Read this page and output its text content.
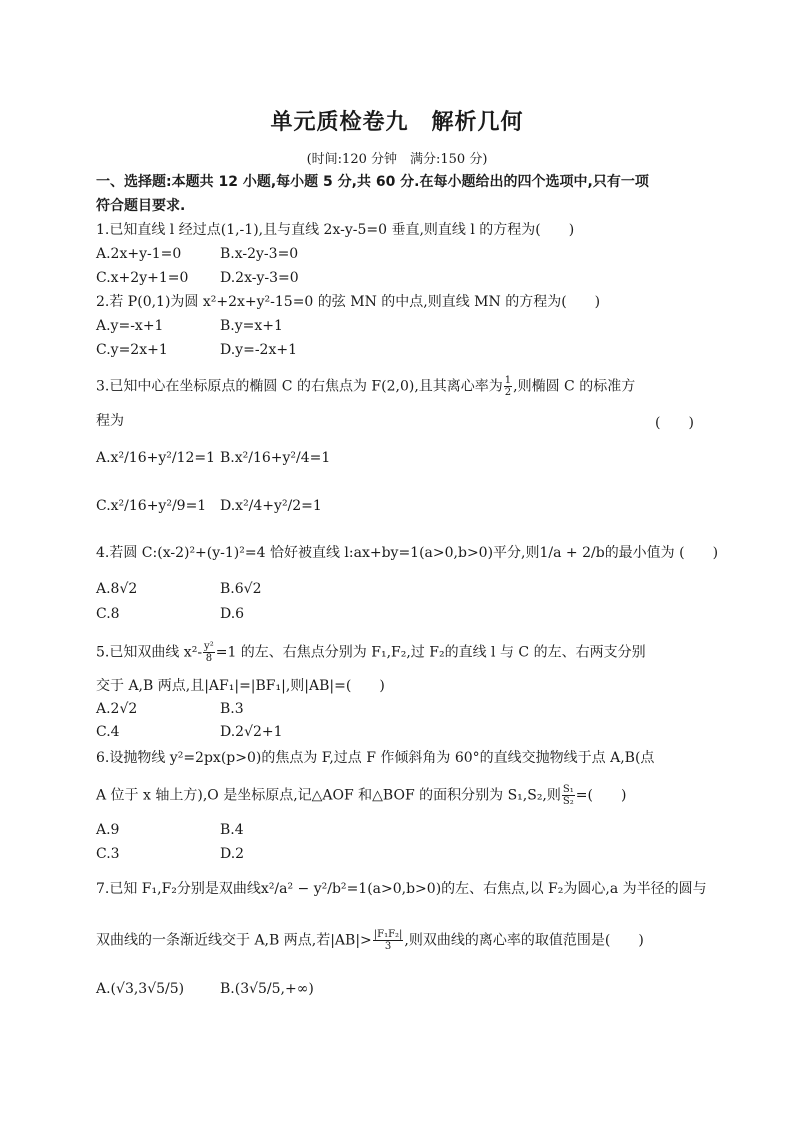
单元质检卷九　解析几何
(时间:120 分钟　满分:150 分)
一、选择题:本题共 12 小题,每小题 5 分,共 60 分.在每小题给出的四个选项中,只有一项
符合题目要求.
1.已知直线 l 经过点(1,-1),且与直线 2x-y-5=0 垂直,则直线 l 的方程为(　　)
A.2x+y-1=0	B.x-2y-3=0
C.x+2y+1=0 D.2x-y-3=0
2.若 P(0,1)为圆 x²+2x+y²-15=0 的弦 MN 的中点,则直线 MN 的方程为(　　)
A.y=-x+1	B.y=x+1
C.y=2x+1	D.y=-2x+1
3.已知中心在坐标原点的椭圆 C 的右焦点为 F(2,0),且其离心率为 $\frac{1}{2}$ ,则椭圆 C 的标准方
程为	(　　)
A.x²/16+y²/12=1 B.x²/16+y²/4=1
C.x²/16+y²/9=1 D.x²/4+y²/2=1
4.若圆 C:(x-2)²+(y-1)²=4 恰好被直线 l:ax+by=1(a>0,b>0)平分,则1/a + 2/b的最小值为 (　　)
A.8√2	B.6√2
C.8	D.6
5.已知双曲线 $x^2- \frac{\text{y²}}{8} =1$ 的左、右焦点分别为 F₁,F₂,过 F₂的直线 l 与 C 的左、右两支分别
交于 A,B 两点,且|AF₁|=|BF₁|,则|AB|=(　　)
A.2√2	B.3
C.4	D.2√2+1
6.设抛物线 y²=2px(p>0)的焦点为 F,过点 F 作倾斜角为 60°的直线交抛物线于点 A,B(点
A 位于 x 轴上方),O 是坐标原点,记△AOF 和△BOF 的面积分别为 S₁,S₂,则 $\frac{\text{S₁}}{\text{S₂}}$ =(　　)
A.9	B.4
C.3	D.2
7.已知 F₁,F₂分别是双曲线x²/a² − y²/b²=1(a>0,b>0)的左、右焦点,以 F₂为圆心,a 为半径的圆与
双曲线的一条渐近线交于 A,B 两点,若$|AB|> \frac{\text{|F₁F₂|}}{3}$ ,则双曲线的离心率的取值范围是(　　)
A.(√3,3√5/5)	B.(3√5/5,+∞)
